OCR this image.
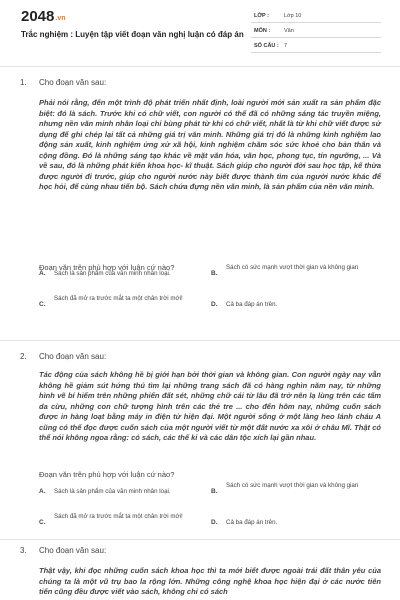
2048.vn
Trắc nghiệm : Luyện tập viết đoạn văn nghị luận có đáp án
LỚP :	Lớp 10
MÔN :	Văn
SỐ CÂU : 7
1. Cho đoạn văn sau:
Phải nói rằng, đến một trình độ phát triển nhất định, loài người mới sản xuất ra sản phẩm đặc biệt: đó là sách. Trước khi có chữ viết, con người có thể đã có những sáng tác truyền miệng, nhưng nền văn minh nhân loại chỉ bùng phát từ khi có chữ viết, nhất là từ khi chữ viết được sử dụng để ghi chép lại tất cả những giá trị văn minh. Những giá trị đó là những kinh nghiệm lao động sản xuất, kinh nghiệm ứng xử xã hội, kinh nghiệm chăm sóc sức khoẻ cho bản thân và cộng đồng. Đó là những sáng tạo khác về mặt văn hóa, văn học, phong tục, tín ngưỡng, ... Và về sau, đó là những phát kiến khoa học- kĩ thuật. Sách giúp cho người đời sau học tập, kế thừa được người đi trước, giúp cho người nước này biết được thành tìm của người nước khác để học hỏi, để cùng nhau tiến bộ. Sách chứa đựng nền văn minh, là sản phẩm của nền văn minh.
Đoạn văn trên phù hợp với luận cứ nào?
A. Sách là sản phẩm của văn minh nhân loại.	B.
Sách có sức mạnh vượt thời gian và không gian
C.
Sách đã mở ra trước mắt ta một chân trời mới!
D. Cả ba đáp án trên.
2. Cho đoạn văn sau:
Tác động của sách không hề bị giới hạn bởi thời gian và không gian. Con người ngày nay vẫn không hề giảm sút hứng thú tìm lại những trang sách đã có hàng nghìn năm nay, từ những hình vẽ bí hiểm trên những phiến đất sét, những chữ cái từ lâu đã trở nên lạ lùng trên các tấm da cừu, những con chữ tượng hình trên các thẻ tre ... cho đến hôm nay, những cuốn sách được in hàng loạt bằng máy in điện tử hiện đại. Một người sống ở một làng heo lánh cháu A cũng có thể đọc được cuốn sách của một người viết từ một đất nước xa xôi ở châu Mĩ. Thật có thể nói không ngoa rằng: có sách, các thế kỉ và các dân tộc xích lại gần nhau.
Đoạn văn trên phù hợp với luận cứ nào?
A. Sách là sản phẩm của văn minh nhân loại.	B.
Sách có sức mạnh vượt thời gian và không gian
C.
Sách đã mở ra trước mắt ta một chân trời mới!
D. Cả ba đáp án trên.
3. Cho đoạn văn sau:
Thật vậy, khi đọc những cuốn sách khoa học thì ta mới biết được ngoài trái đất thân yêu của chúng ta là một vũ trụ bao la rộng lớn. Những công nghệ khoa học hiện đại ở các nước tiên tiến cũng đều được viết vào sách, không chỉ có sách
